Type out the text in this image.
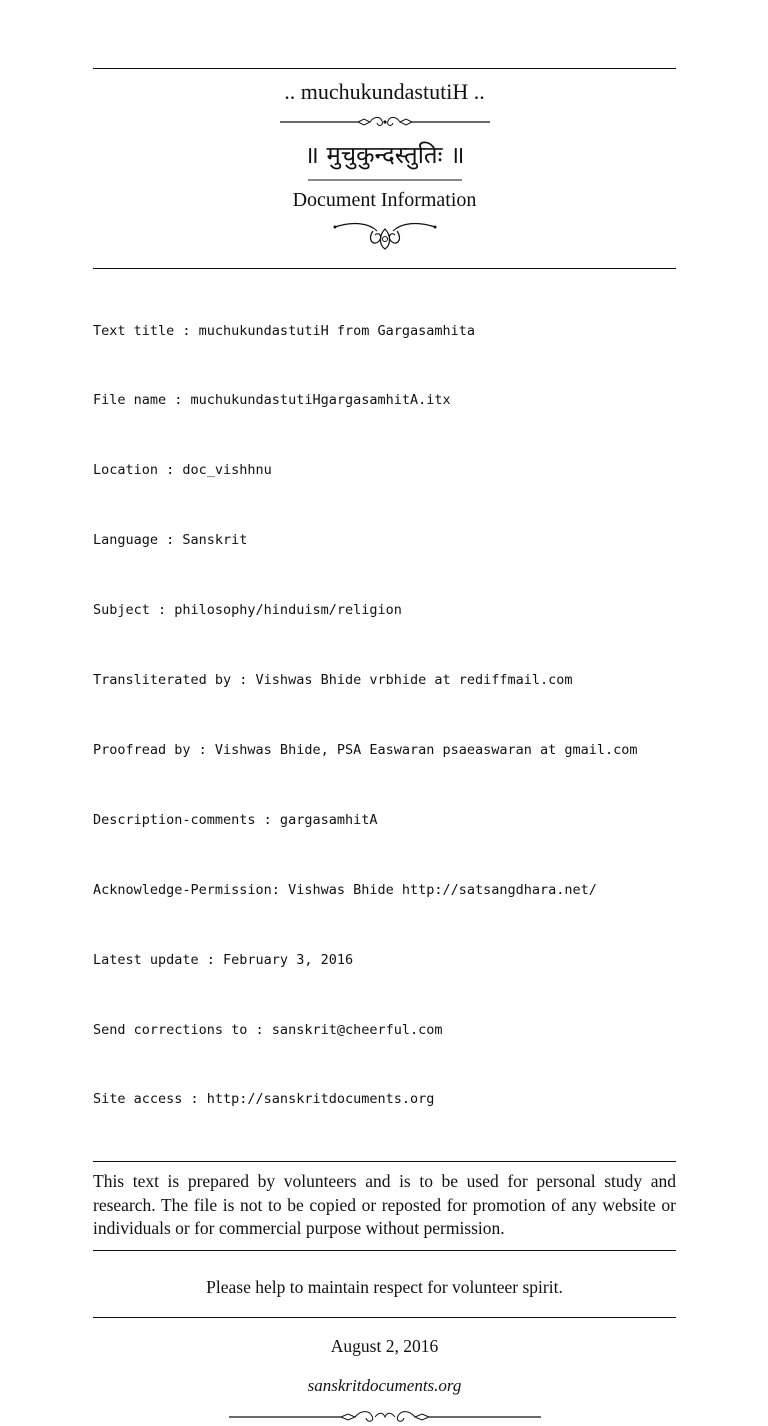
.. muchukundastutiH ..
॥ मुचुकुन्दस्तुतिः ॥
Document Information

Text title : muchukundastutiH from Gargasamhita

File name : muchukundastutiHgargasamhitA.itx

Location : doc_vishhnu

Language : Sanskrit

Subject : philosophy/hinduism/religion

Transliterated by : Vishwas Bhide vrbhide at rediffmail.com

Proofread by : Vishwas Bhide, PSA Easwaran psaeaswaran at gmail.com

Description-comments : gargasamhitA

Acknowledge-Permission: Vishwas Bhide http://satsangdhara.net/

Latest update : February 3, 2016

Send corrections to : sanskrit@cheerful.com

Site access : http://sanskritdocuments.org

This text is prepared by volunteers and is to be used for personal study and research. The file is not to be copied or reposted for promotion of any website or individuals or for commercial purpose without permission.
Please help to maintain respect for volunteer spirit.
August 2, 2016
sanskritdocuments.org
